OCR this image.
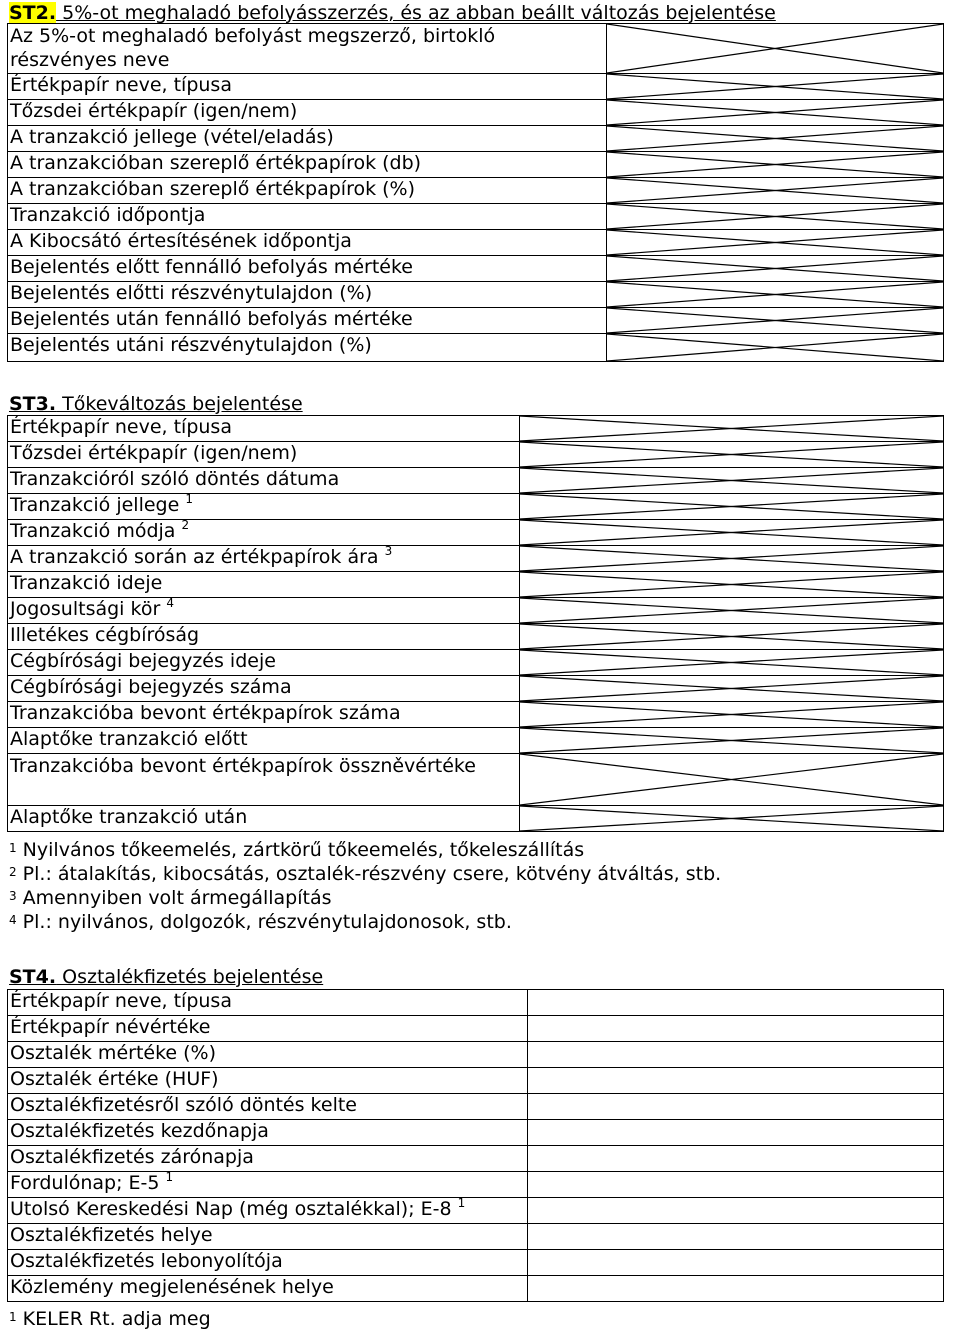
ST2. 5%-ot meghaladó befolyásszerzés, és az abban beállt változás bejelentése
Az 5%-ot meghaladó befolyást megszerző, birtokló részvényes neve	

Értékpapír neve, típusa	

Tőzsdei értékpapír (igen/nem)	

A tranzakció jellege (vétel/eladás)	

A tranzakcióban szereplő értékpapírok (db)	

A tranzakcióban szereplő értékpapírok (%)	

Tranzakció időpontja	

A Kibocsátó értesítésének időpontja	

Bejelentés előtt fennálló befolyás mértéke	

Bejelentés előtti részvénytulajdon (%)	

Bejelentés után fennálló befolyás mértéke	

Bejelentés utáni részvénytulajdon (%)	
ST3. Tőkeváltozás bejelentése
Értékpapír neve, típusa	

Tőzsdei értékpapír (igen/nem)	

Tranzakcióról szóló döntés dátuma	

Tranzakció jellege $^1$	

Tranzakció módja $^2$	

A tranzakció során az értékpapírok ára $^3$	

Tranzakció ideje	

Jogosultsági kör $^4$	

Illetékes cégbíróság	

Cégbírósági bejegyzés ideje	

Cégbírósági bejegyzés száma	

Tranzakcióba bevont értékpapírok száma	

Alaptőke tranzakció előtt	

Tranzakcióba bevont értékpapírok összněvértéke	

Alaptőke tranzakció után	
$^1$ Nyilvános tőkeemelés, zártkörű tőkeemelés, tőkeleszállítás
$^2$ Pl.: átalakítás, kibocsátás, osztalék-részvény csere, kötvény átváltás, stb.
$^3$ Amennyiben volt ármegállapítás
$^4$ Pl.: nyilvános, dolgozók, részvénytulajdonosok, stb.
ST4. Osztalékfizetés bejelentése
Értékpapír neve, típusa	
Értékpapír névértéke	
Osztalék mértéke (%)	
Osztalék értéke (HUF)	
Osztalékfizetésről szóló döntés kelte	
Osztalékfizetés kezdőnapja	
Osztalékfizetés zárónapja	
Fordulónap; E-5 $^1$	
Utolsó Kereskedési Nap (még osztalékkal); E-8 $^1$	
Osztalékfizetés helye	
Osztalékfizetés lebonyolítója	
Közlemény megjelenésének helye	
$^1$ KELER Rt. adja meg
